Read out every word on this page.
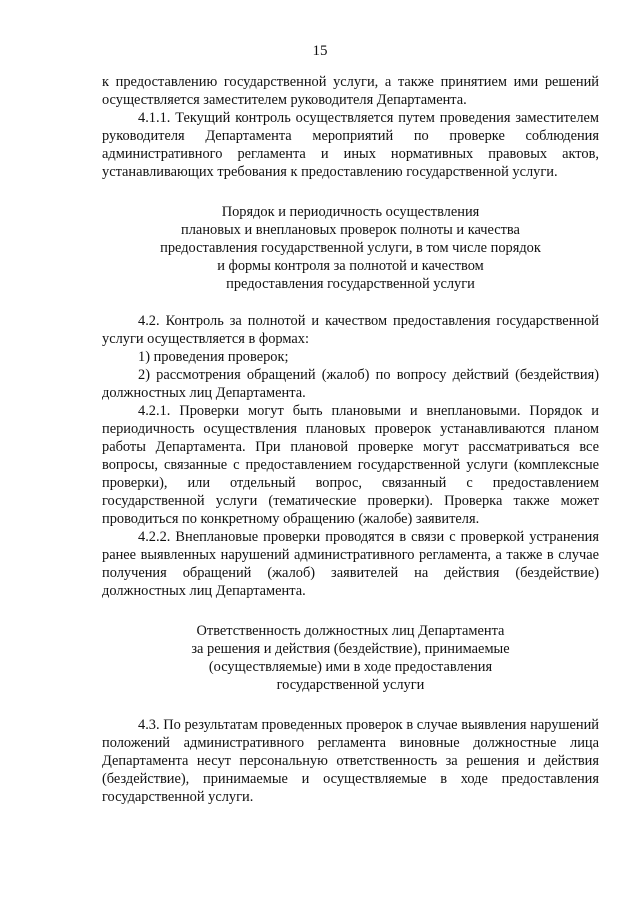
15

к предоставлению государственной услуги, а также принятием ими решений осуществляется заместителем руководителя Департамента.

4.1.1. Текущий контроль осуществляется путем проведения заместителем руководителя Департамента мероприятий по проверке соблюдения административного регламента и иных нормативных правовых актов, устанавливающих требования к предоставлению государственной услуги.

Порядок и периодичность осуществления

плановых и внеплановых проверок полноты и качества

предоставления государственной услуги, в том числе порядок

и формы контроля за полнотой и качеством

предоставления государственной услуги

4.2. Контроль за полнотой и качеством предоставления государственной услуги осуществляется в формах:

1) проведения проверок;

2) рассмотрения обращений (жалоб) по вопросу действий (бездействия) должностных лиц Департамента.

4.2.1. Проверки могут быть плановыми и внеплановыми. Порядок и периодичность осуществления плановых проверок устанавливаются планом работы Департамента. При плановой проверке могут рассматриваться все вопросы, связанные с предоставлением государственной услуги (комплексные проверки), или отдельный вопрос, связанный с предоставлением государственной услуги (тематические проверки). Проверка также может проводиться по конкретному обращению (жалобе) заявителя.

4.2.2. Внеплановые проверки проводятся в связи с проверкой устранения ранее выявленных нарушений административного регламента, а также в случае получения обращений (жалоб) заявителей на действия (бездействие) должностных лиц Департамента.

Ответственность должностных лиц Департамента

за решения и действия (бездействие), принимаемые

(осуществляемые) ими в ходе предоставления

государственной услуги

4.3. По результатам проведенных проверок в случае выявления нарушений положений административного регламента виновные должностные лица Департамента несут персональную ответственность за решения и действия (бездействие), принимаемые и осуществляемые в ходе предоставления государственной услуги.
